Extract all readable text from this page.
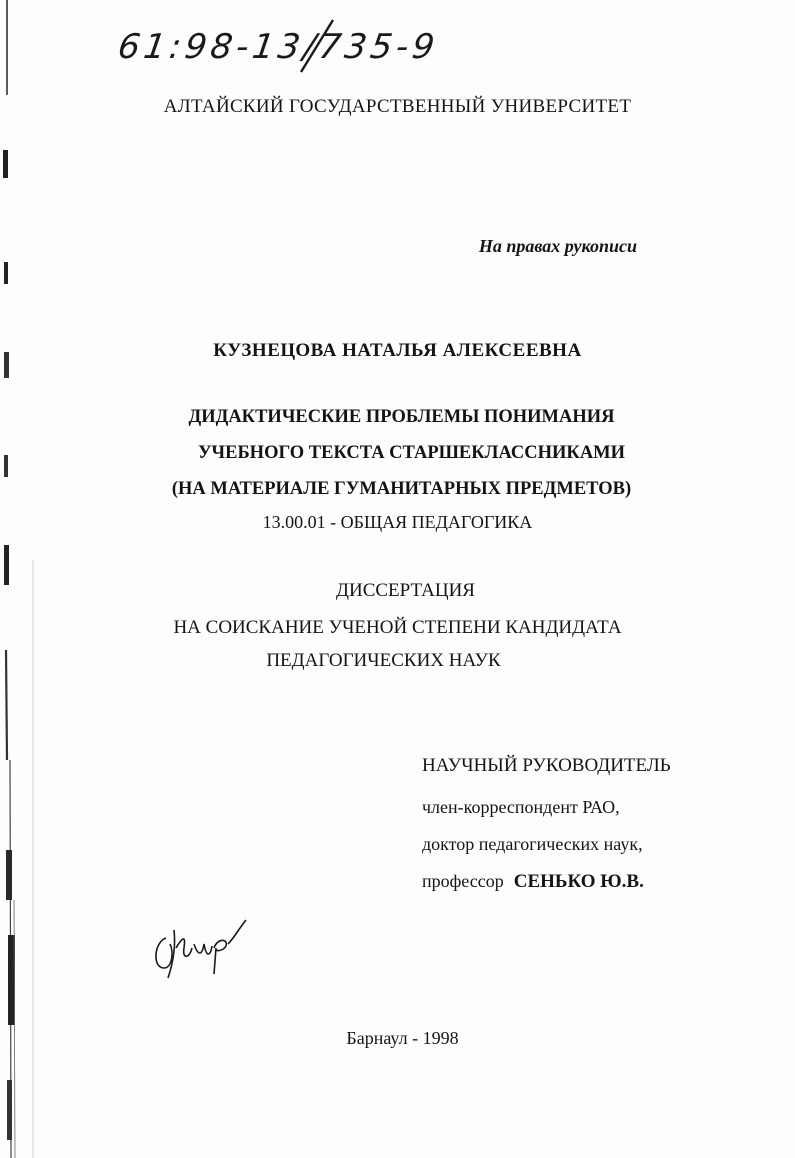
61:98-13/735-9
АЛТАЙСКИЙ ГОСУДАРСТВЕННЫЙ УНИВЕРСИТЕТ
На правах рукописи
КУЗНЕЦОВА НАТАЛЬЯ АЛЕКСЕЕВНА
ДИДАКТИЧЕСКИЕ ПРОБЛЕМЫ ПОНИМАНИЯ
УЧЕБНОГО ТЕКСТА СТАРШЕКЛАССНИКАМИ
(НА МАТЕРИАЛЕ ГУМАНИТАРНЫХ ПРЕДМЕТОВ)
13.00.01 - ОБЩАЯ ПЕДАГОГИКА
ДИССЕРТАЦИЯ
НА СОИСКАНИЕ УЧЕНОЙ СТЕПЕНИ КАНДИДАТА
ПЕДАГОГИЧЕСКИХ НАУК
НАУЧНЫЙ РУКОВОДИТЕЛЬ
член-корреспондент РАО,
доктор педагогических наук,
профессор СЕНЬКО Ю.В.
Барнаул - 1998
